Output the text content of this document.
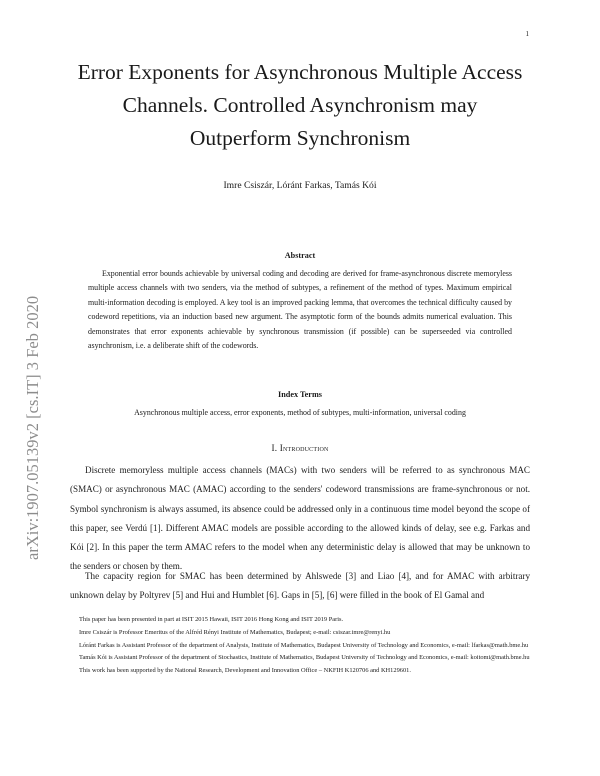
1
arXiv:1907.05139v2 [cs.IT] 3 Feb 2020
Error Exponents for Asynchronous Multiple Access Channels. Controlled Asynchronism may Outperform Synchronism
Imre Csiszár, Lóránt Farkas, Tamás Kói
Abstract

Exponential error bounds achievable by universal coding and decoding are derived for frame-asynchronous discrete memoryless multiple access channels with two senders, via the method of subtypes, a refinement of the method of types. Maximum empirical multi-information decoding is employed. A key tool is an improved packing lemma, that overcomes the technical difficulty caused by codeword repetitions, via an induction based new argument. The asymptotic form of the bounds admits numerical evaluation. This demonstrates that error exponents achievable by synchronous transmission (if possible) can be superseeded via controlled asynchronism, i.e. a deliberate shift of the codewords.

Index Terms
Asynchronous multiple access, error exponents, method of subtypes, multi-information, universal coding
I. Introduction

Discrete memoryless multiple access channels (MACs) with two senders will be referred to as synchronous MAC (SMAC) or asynchronous MAC (AMAC) according to the senders' codeword transmissions are frame-synchronous or not. Symbol synchronism is always assumed, its absence could be addressed only in a continuous time model beyond the scope of this paper, see Verdú [1]. Different AMAC models are possible according to the allowed kinds of delay, see e.g. Farkas and Kói [2]. In this paper the term AMAC refers to the model when any deterministic delay is allowed that may be unknown to the senders or chosen by them.

The capacity region for SMAC has been determined by Ahlswede [3] and Liao [4], and for AMAC with arbitrary unknown delay by Poltyrev [5] and Hui and Humblet [6]. Gaps in [5], [6] were filled in the book of El Gamal and

This paper has been presented in part at ISIT 2015 Hawaii, ISIT 2016 Hong Kong and ISIT 2019 Paris.

Imre Csiszár is Professor Emeritus of the Alfréd Rényi Institute of Mathematics, Budapest; e-mail: csiszar.imre@renyi.hu

Lóránt Farkas is Assistant Professor of the department of Analysis, Institute of Mathematics, Budapest University of Technology and Economics, e-mail: lfarkas@math.bme.hu

Tamás Kói is Assistant Professor of the department of Stochastics, Institute of Mathematics, Budapest University of Technology and Economics, e-mail: koitomi@math.bme.hu

This work has been supported by the National Research, Development and Innovation Office – NKFIH K120706 and KH129601.
